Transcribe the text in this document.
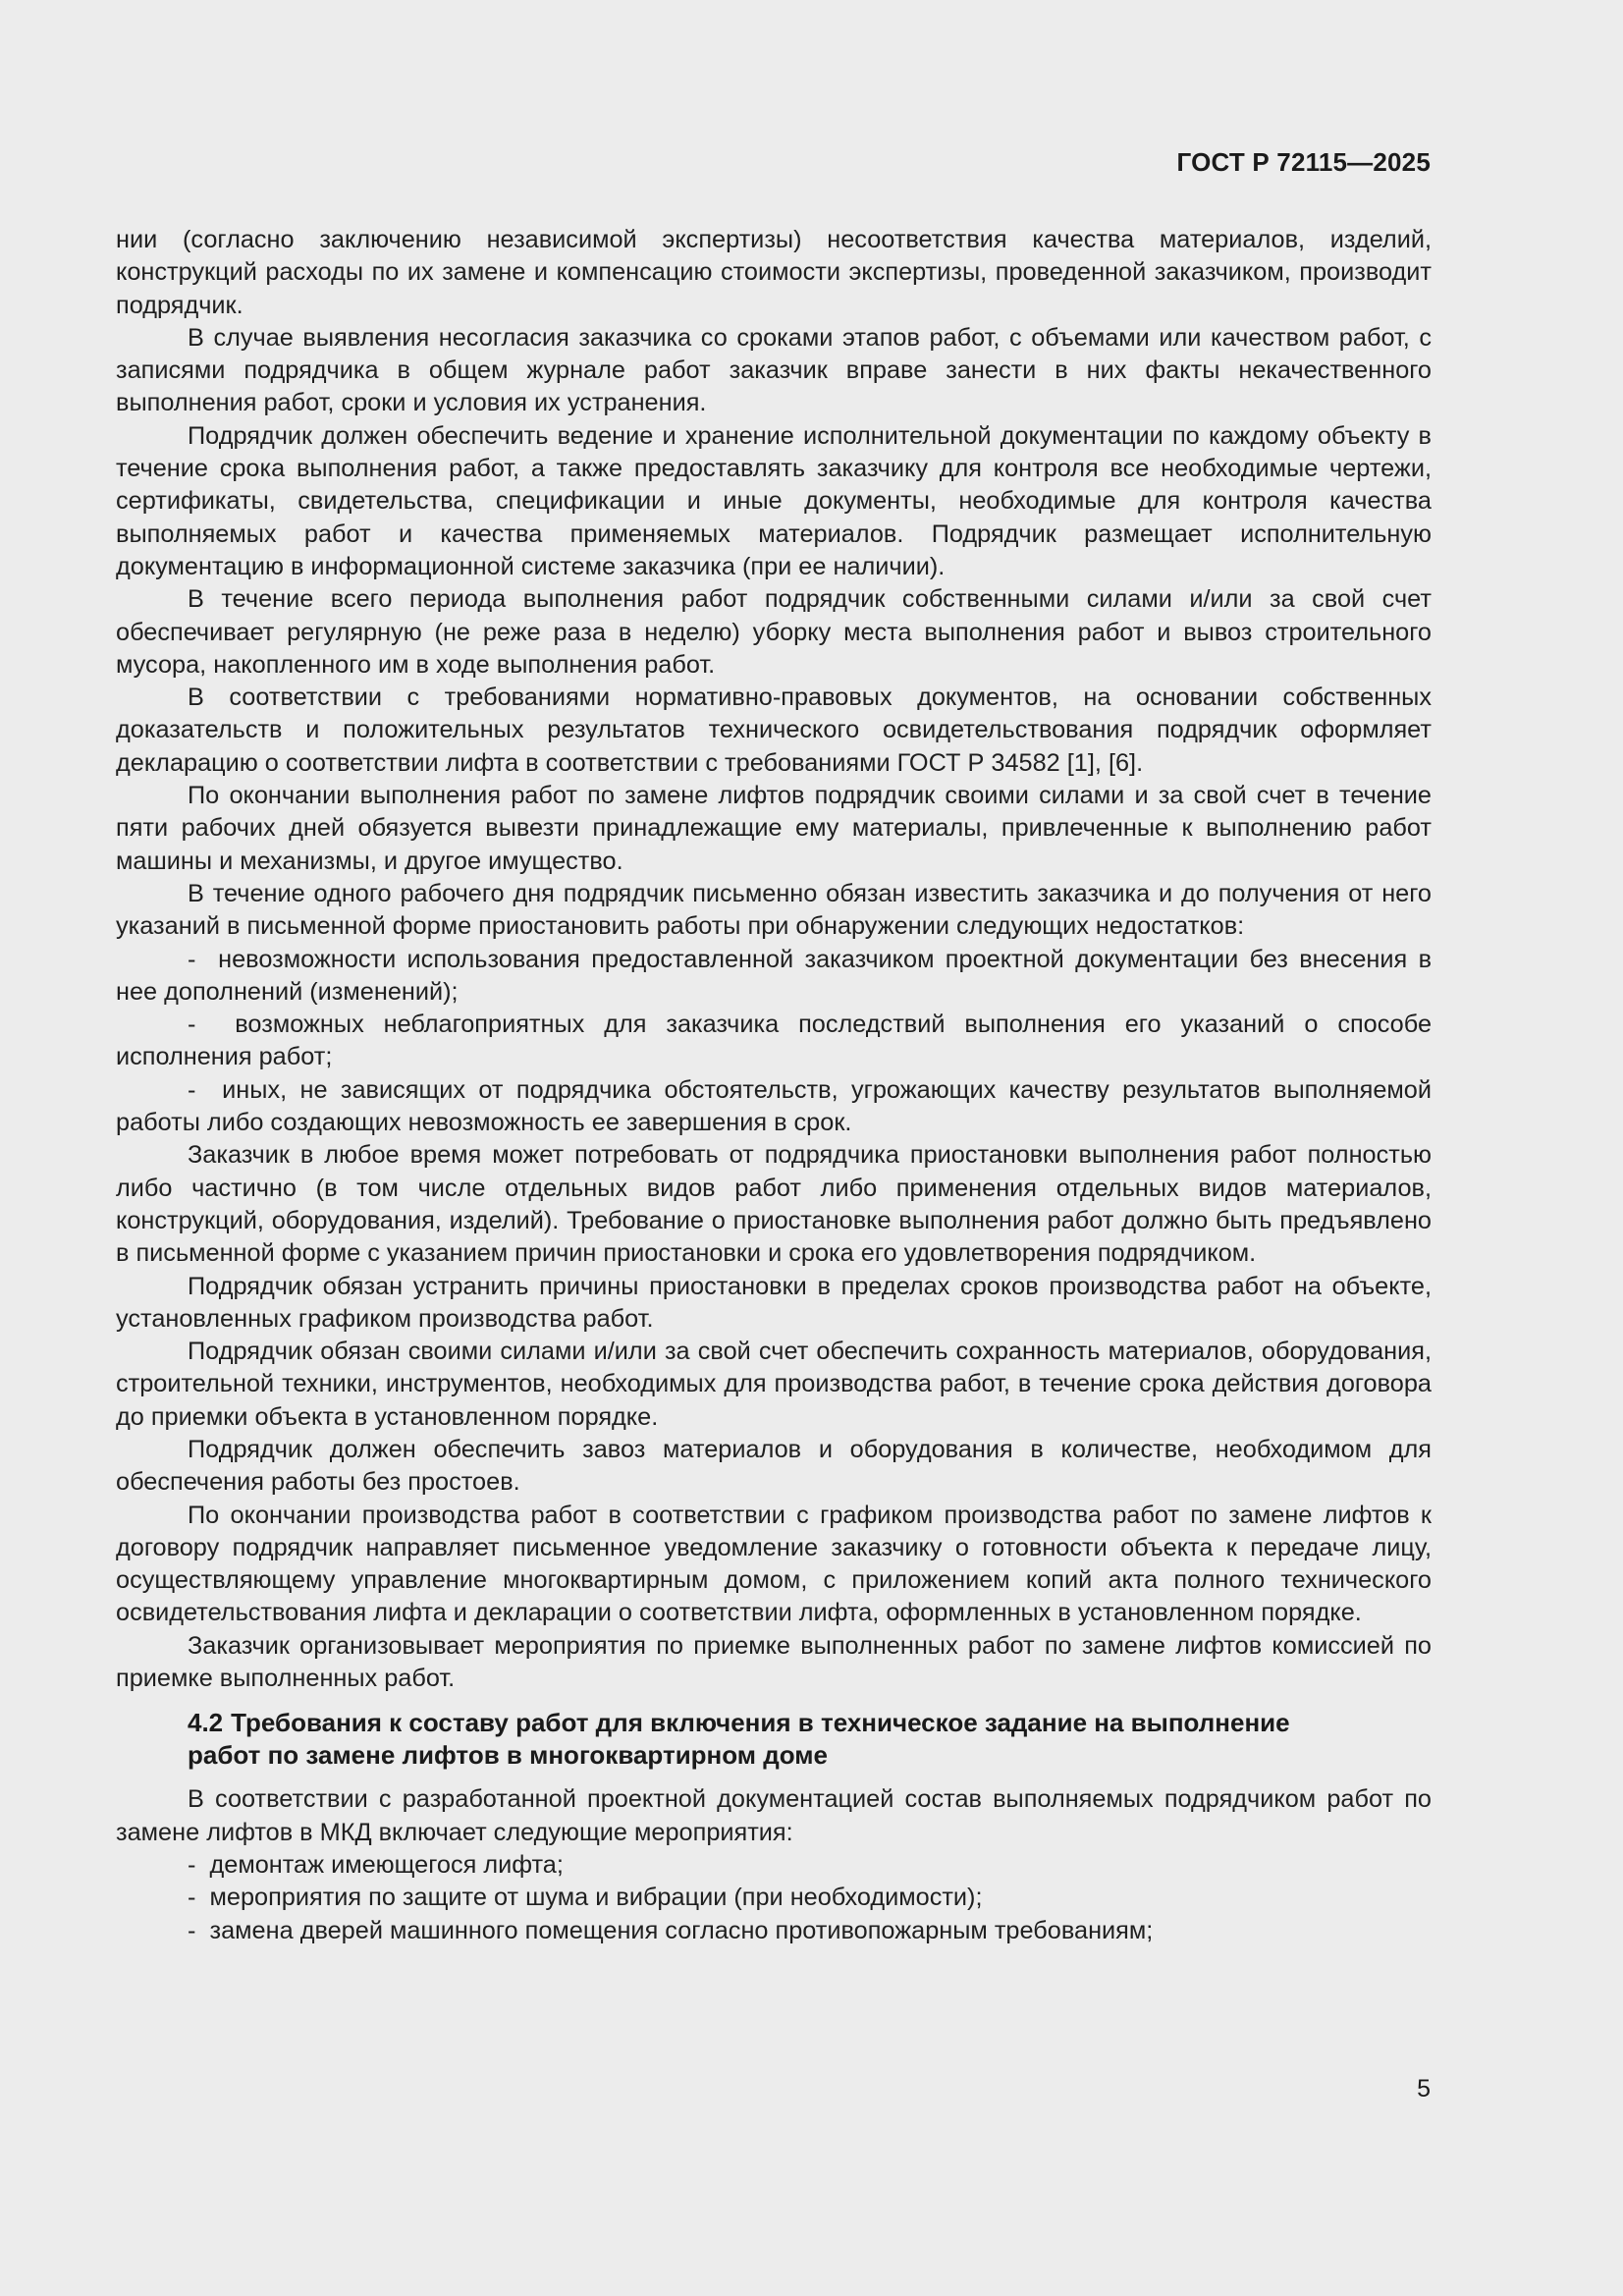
ГОСТ Р 72115—2025

нии (согласно заключению независимой экспертизы) несоответствия качества материалов, изделий, конструкций расходы по их замене и компенсацию стоимости экспертизы, проведенной заказчиком, производит подрядчик.

В случае выявления несогласия заказчика со сроками этапов работ, с объемами или качеством работ, с записями подрядчика в общем журнале работ заказчик вправе занести в них факты некачественного выполнения работ, сроки и условия их устранения.

Подрядчик должен обеспечить ведение и хранение исполнительной документации по каждому объекту в течение срока выполнения работ, а также предоставлять заказчику для контроля все необходимые чертежи, сертификаты, свидетельства, спецификации и иные документы, необходимые для контроля качества выполняемых работ и качества применяемых материалов. Подрядчик размещает исполнительную документацию в информационной системе заказчика (при ее наличии).

В течение всего периода выполнения работ подрядчик собственными силами и/или за свой счет обеспечивает регулярную (не реже раза в неделю) уборку места выполнения работ и вывоз строительного мусора, накопленного им в ходе выполнения работ.

В соответствии с требованиями нормативно-правовых документов, на основании собственных доказательств и положительных результатов технического освидетельствования подрядчик оформляет декларацию о соответствии лифта в соответствии с требованиями ГОСТ Р 34582 [1], [6].

По окончании выполнения работ по замене лифтов подрядчик своими силами и за свой счет в течение пяти рабочих дней обязуется вывезти принадлежащие ему материалы, привлеченные к выполнению работ машины и механизмы, и другое имущество.

В течение одного рабочего дня подрядчик письменно обязан известить заказчика и до получения от него указаний в письменной форме приостановить работы при обнаружении следующих недостатков:

- невозможности использования предоставленной заказчиком проектной документации без внесения в нее дополнений (изменений);

- возможных неблагоприятных для заказчика последствий выполнения его указаний о способе исполнения работ;

- иных, не зависящих от подрядчика обстоятельств, угрожающих качеству результатов выполняемой работы либо создающих невозможность ее завершения в срок.

Заказчик в любое время может потребовать от подрядчика приостановки выполнения работ полностью либо частично (в том числе отдельных видов работ либо применения отдельных видов материалов, конструкций, оборудования, изделий). Требование о приостановке выполнения работ должно быть предъявлено в письменной форме с указанием причин приостановки и срока его удовлетворения подрядчиком.

Подрядчик обязан устранить причины приостановки в пределах сроков производства работ на объекте, установленных графиком производства работ.

Подрядчик обязан своими силами и/или за свой счет обеспечить сохранность материалов, оборудования, строительной техники, инструментов, необходимых для производства работ, в течение срока действия договора до приемки объекта в установленном порядке.

Подрядчик должен обеспечить завоз материалов и оборудования в количестве, необходимом для обеспечения работы без простоев.

По окончании производства работ в соответствии с графиком производства работ по замене лифтов к договору подрядчик направляет письменное уведомление заказчику о готовности объекта к передаче лицу, осуществляющему управление многоквартирным домом, с приложением копий акта полного технического освидетельствования лифта и декларации о соответствии лифта, оформленных в установленном порядке.

Заказчик организовывает мероприятия по приемке выполненных работ по замене лифтов комиссией по приемке выполненных работ.

4.2 Требования к составу работ для включения в техническое задание на выполнение
работ по замене лифтов в многоквартирном доме

В соответствии с разработанной проектной документацией состав выполняемых подрядчиком работ по замене лифтов в МКД включает следующие мероприятия:

- демонтаж имеющегося лифта;

- мероприятия по защите от шума и вибрации (при необходимости);

- замена дверей машинного помещения согласно противопожарным требованиям;

5
